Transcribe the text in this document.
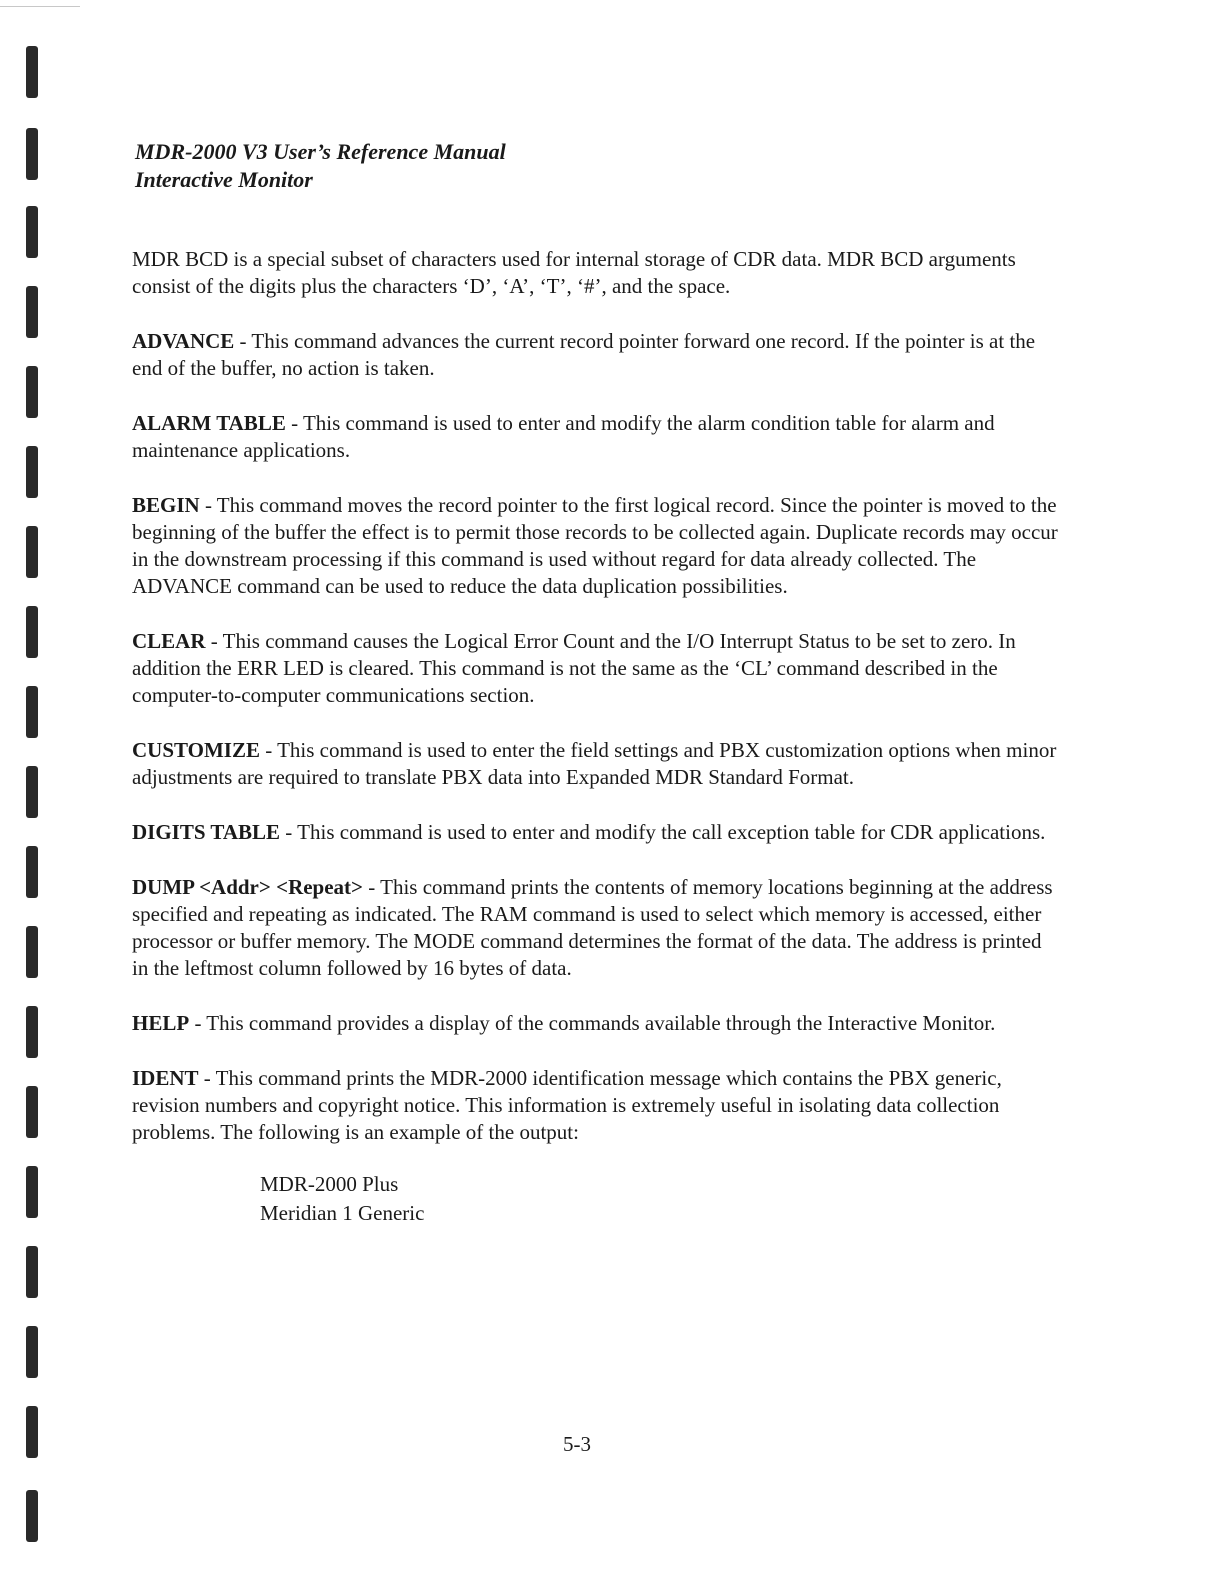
MDR-2000 V3 User’s Reference Manual
Interactive Monitor

MDR BCD is a special subset of characters used for internal storage of CDR data. MDR BCD arguments consist of the digits plus the characters ‘D’, ‘A’, ‘T’, ‘#’, and the space.

ADVANCE - This command advances the current record pointer forward one record. If the pointer is at the end of the buffer, no action is taken.

ALARM TABLE - This command is used to enter and modify the alarm condition table for alarm and maintenance applications.

BEGIN - This command moves the record pointer to the first logical record. Since the pointer is moved to the beginning of the buffer the effect is to permit those records to be collected again. Duplicate records may occur in the downstream processing if this command is used without regard for data already collected. The ADVANCE command can be used to reduce the data duplication possibilities.

CLEAR - This command causes the Logical Error Count and the I/O Interrupt Status to be set to zero. In addition the ERR LED is cleared. This command is not the same as the ‘CL’ command described in the computer-to-computer communications section.

CUSTOMIZE - This command is used to enter the field settings and PBX customization options when minor adjustments are required to translate PBX data into Expanded MDR Standard Format.

DIGITS TABLE - This command is used to enter and modify the call exception table for CDR applications.

DUMP <Addr> <Repeat> - This command prints the contents of memory locations beginning at the address specified and repeating as indicated. The RAM command is used to select which memory is accessed, either processor or buffer memory. The MODE command determines the format of the data. The address is printed in the leftmost column followed by 16 bytes of data.

HELP - This command provides a display of the commands available through the Interactive Monitor.

IDENT - This command prints the MDR-2000 identification message which contains the PBX generic, revision numbers and copyright notice. This information is extremely useful in isolating data collection problems. The following is an example of the output:

MDR-2000 Plus
Meridian 1 Generic
5-3
